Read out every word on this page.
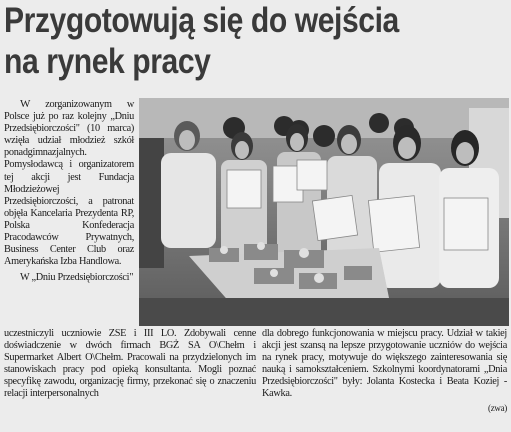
Przygotowują się do wejścia
na rynek pracy

W zorganizowanym w Polsce już po raz kolejny „Dniu Przedsiębiorczości" (10 marca) wzięła udział młodzież szkół ponadgimnazjalnych. Pomysłodawcą i organizatorem tej akcji jest Fundacja Młodzieżowej Przedsiębiorczości, a patronat objęła Kancelaria Prezydenta RP, Polska Konfederacja Pracodawców Prywatnych, Business Center Club oraz Amerykańska Izba Handlowa.

W „Dniu Przedsiębiorczości"

uczestniczyli uczniowie ZSE i III LO. Zdobywali cenne doświadczenie w dwóch firmach BGŻ SA O\Chełm i Supermarket Albert O\Chełm. Pracowali na przydzielonych im stanowiskach pracy pod opieką konsultanta. Mogli poznać specyfikę zawodu, organizację firmy, przekonać się o znaczeniu relacji interpersonalnych

dla dobrego funkcjonowania w miejscu pracy. Udział w takiej akcji jest szansą na lepsze przygotowanie uczniów do wejścia na rynek pracy, motywuje do większego zainteresowania się nauką i samokształceniem. Szkolnymi koordynatorami „Dnia Przedsiębiorczości" były: Jolanta Kostecka i Beata Koziej - Kawka.

(zwa)
